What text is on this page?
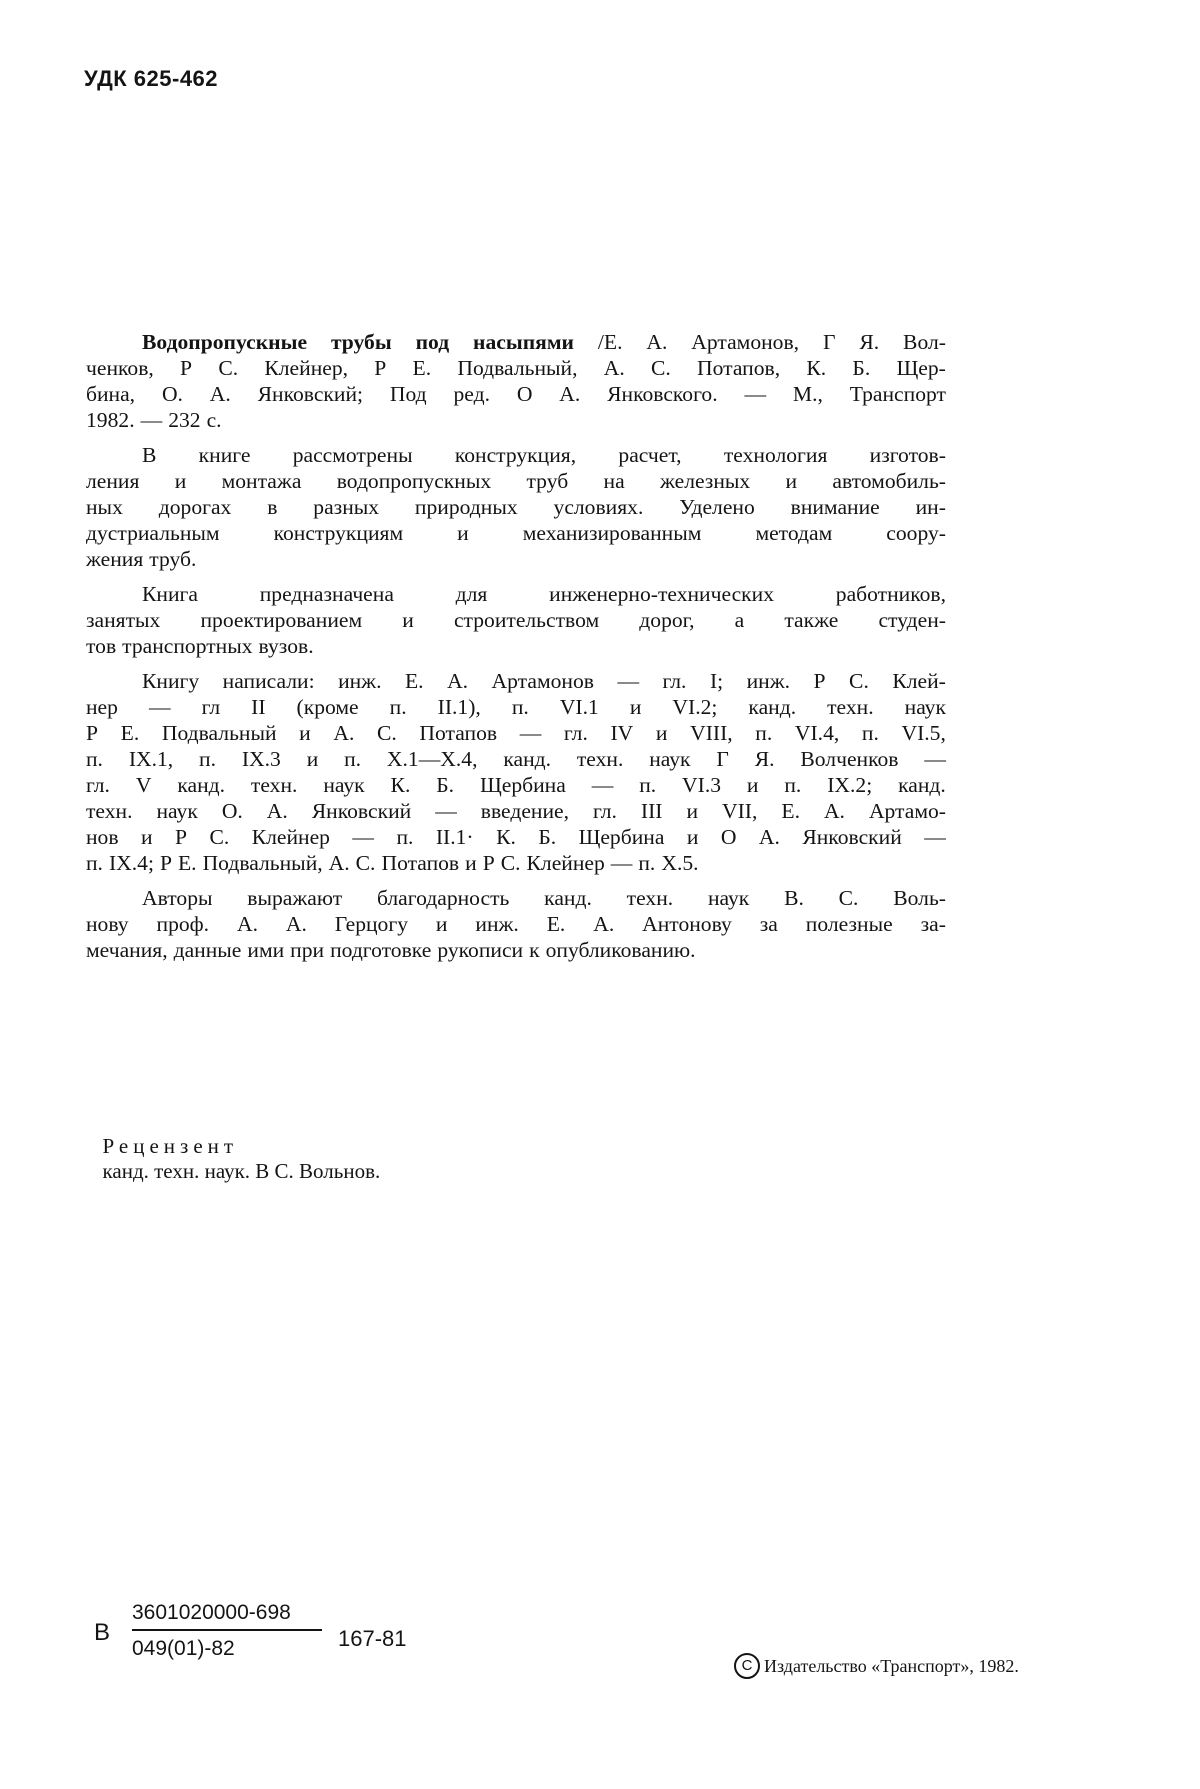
УДК 625-462
Водопропускные трубы под насыпями /Е. А. Артамонов, Г Я. Вол-
ченков, Р С. Клейнер, Р Е. Подвальный, А. С. Потапов, К. Б. Щер-
бина, О. А. Янковский; Под ред. О А. Янковского. — М., Транспорт
1982. — 232 с.
В книге рассмотрены конструкция, расчет, технология изготов-
ления и монтажа водопропускных труб на железных и автомобиль-
ных дорогах в разных природных условиях. Уделено внимание ин-
дустриальным	конструкциям	и	механизированным	методам	соору-
жения труб.
Книга	предназначена	для	инженерно-технических	работников,
занятых проектированием и строительством дорог, а также студен-
тов транспортных вузов.
Книгу написали: инж. Е. А. Артамонов — гл. I; инж. Р С. Клей-
нер — гл II (кроме п. II.1), п. VI.1 и VI.2; канд. техн. наук
Р Е. Подвальный и А. С. Потапов — гл. IV и VIII, п. VI.4, п. VI.5,
п. IX.1, п. IX.3 и п. X.1—X.4, канд. техн. наук Г Я. Волченков —
гл. V канд. техн. наук К. Б. Щербина — п. VI.3 и п. IX.2; канд.
техн. наук О. А. Янковский — введение, гл. III и VII, Е. А. Артамо-
нов и Р С. Клейнер — п. II.1· К. Б. Щербина и О А. Янковский —
п. IX.4; Р Е. Подвальный, А. С. Потапов и Р С. Клейнер — п. X.5.
Авторы выражают благодарность канд. техн. наук В. С. Воль-
нову проф. А. А. Герцогу и инж. Е. А. Антонову за полезные за-
мечания, данные ими при подготовке рукописи к опубликованию.

Рецензент
канд. техн. наук. В С. Вольнов.

В $\frac{3601020000-698}{049(01)-82} 167-81$
C Издательство «Транспорт», 1982.
